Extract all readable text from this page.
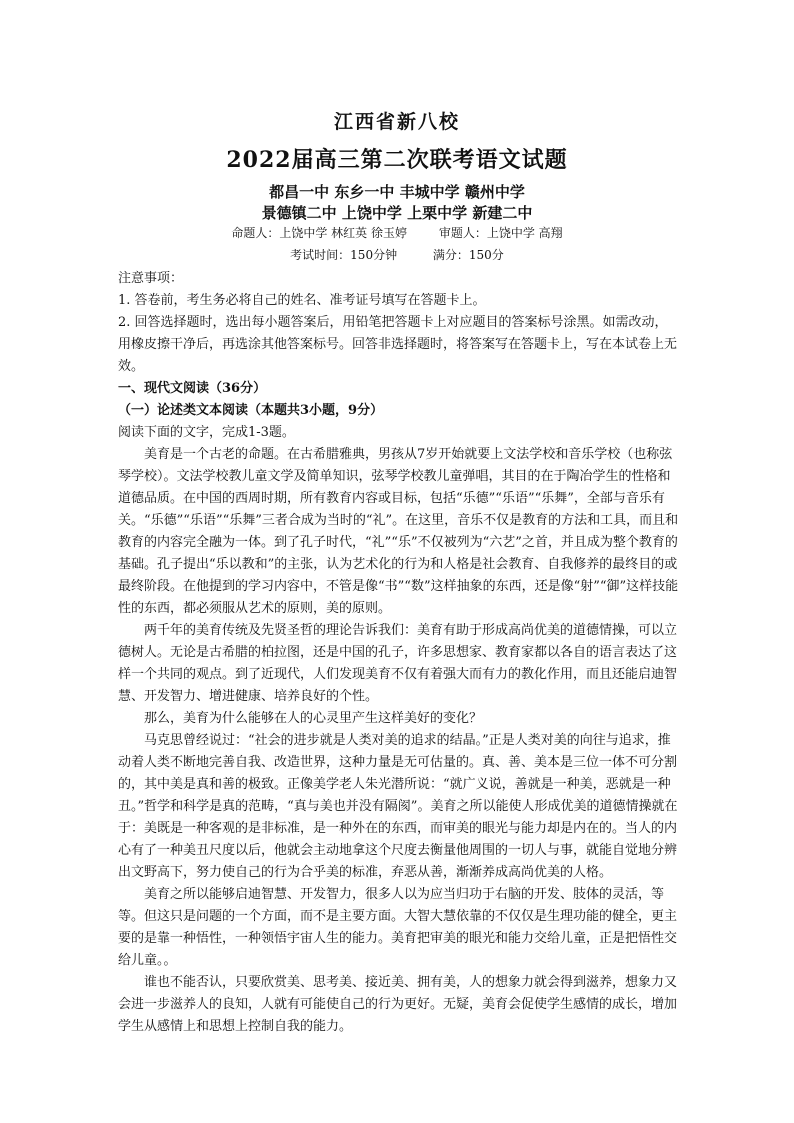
江西省新八校
2022届高三第二次联考语文试题
都昌一中 东乡一中 丰城中学 赣州中学
景德镇二中 上饶中学 上栗中学 新建二中
命题人：上饶中学 林红英 徐玉婷	审题人：上饶中学 高翔
考试时间：150分钟	满分：150分

注意事项：

1. 答卷前，考生务必将自己的姓名、准考证号填写在答题卡上。

2. 回答选择题时，选出每小题答案后，用铅笔把答题卡上对应题目的答案标号涂黑。如需改动，用橡皮擦干净后，再选涂其他答案标号。回答非选择题时，将答案写在答题卡上，写在本试卷上无效。

一、现代文阅读（36分）

（一）论述类文本阅读（本题共3小题，9分）

阅读下面的文字，完成1-3题。

美育是一个古老的命题。在古希腊雅典，男孩从7岁开始就要上文法学校和音乐学校（也称弦琴学校）。文法学校教儿童文学及简单知识，弦琴学校教儿童弹唱，其目的在于陶冶学生的性格和道德品质。在中国的西周时期，所有教育内容或目标，包括“乐德”“乐语”“乐舞”，全部与音乐有关。“乐德”“乐语”“乐舞”三者合成为当时的“礼”。在这里，音乐不仅是教育的方法和工具，而且和教育的内容完全融为一体。到了孔子时代，“礼”“乐”不仅被列为“六艺”之首，并且成为整个教育的基础。孔子提出“乐以教和”的主张，认为艺术化的行为和人格是社会教育、自我修养的最终目的或最终阶段。在他提到的学习内容中，不管是像“书”“数”这样抽象的东西，还是像“射”“御”这样技能性的东西，都必须服从艺术的原则，美的原则。

两千年的美育传统及先贤圣哲的理论告诉我们：美育有助于形成高尚优美的道德情操，可以立德树人。无论是古希腊的柏拉图，还是中国的孔子，许多思想家、教育家都以各自的语言表达了这样一个共同的观点。到了近现代，人们发现美育不仅有着强大而有力的教化作用，而且还能启迪智慧、开发智力、增进健康、培养良好的个性。

那么，美育为什么能够在人的心灵里产生这样美好的变化？

马克思曾经说过：“社会的进步就是人类对美的追求的结晶。”正是人类对美的向往与追求，推动着人类不断地完善自我、改造世界，这种力量是无可估量的。真、善、美本是三位一体不可分割的，其中美是真和善的极致。正像美学老人朱光潜所说：“就广义说，善就是一种美，恶就是一种丑。”哲学和科学是真的范畴，“真与美也并没有隔阂”。美育之所以能使人形成优美的道德情操就在于：美既是一种客观的是非标准，是一种外在的东西，而审美的眼光与能力却是内在的。当人的内心有了一种美丑尺度以后，他就会主动地拿这个尺度去衡量他周围的一切人与事，就能自觉地分辨出文野高下，努力使自己的行为合乎美的标准，弃恶从善，渐渐养成高尚优美的人格。

美育之所以能够启迪智慧、开发智力，很多人以为应当归功于右脑的开发、肢体的灵活，等等。但这只是问题的一个方面，而不是主要方面。大智大慧依靠的不仅仅是生理功能的健全，更主要的是靠一种悟性，一种领悟宇宙人生的能力。美育把审美的眼光和能力交给儿童，正是把悟性交给儿童。。

谁也不能否认，只要欣赏美、思考美、接近美、拥有美，人的想象力就会得到滋养，想象力又会进一步滋养人的良知，人就有可能使自己的行为更好。无疑，美育会促使学生感情的成长，增加学生从感情上和思想上控制自我的能力。
